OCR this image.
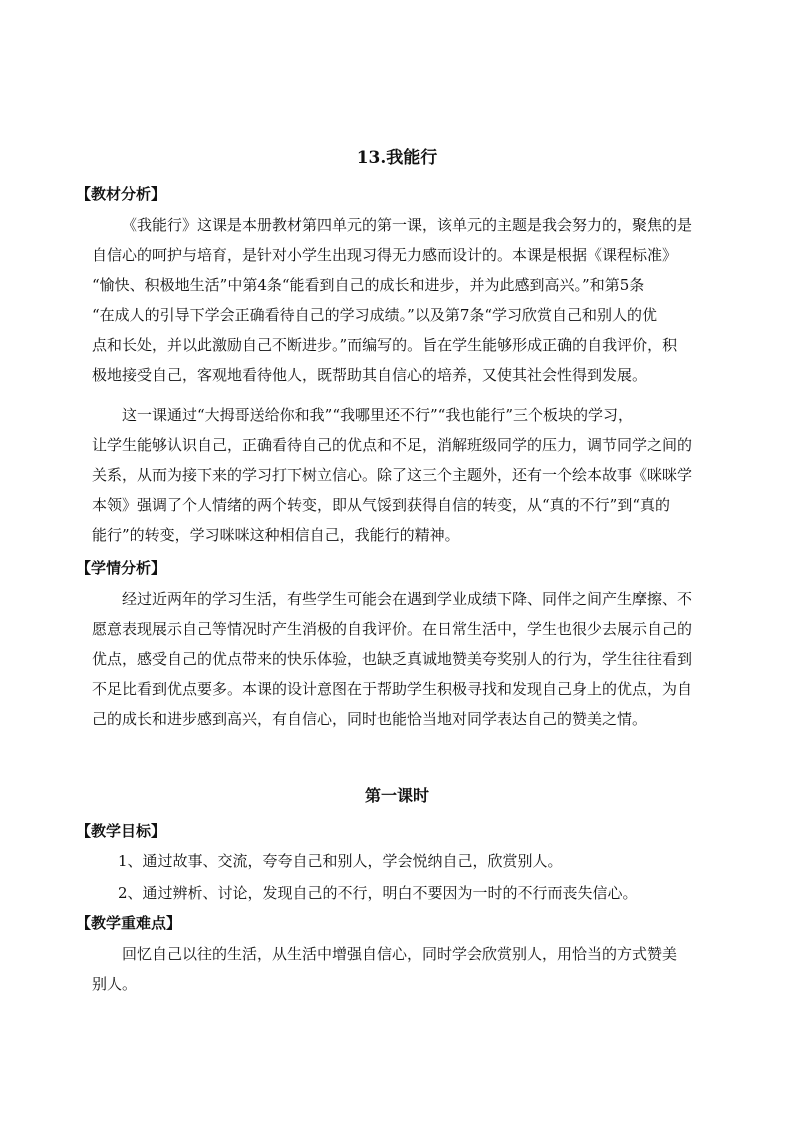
13.我能行
【教材分析】
《我能行》这课是本册教材第四单元的第一课，该单元的主题是我会努力的，聚焦的是
自信心的呵护与培育，是针对小学生出现习得无力感而设计的。本课是根据《课程标准》
“愉快、积极地生活”中第4条“能看到自己的成长和进步，并为此感到高兴。”和第5条
“在成人的引导下学会正确看待自己的学习成绩。”以及第7条“学习欣赏自己和别人的优
点和长处，并以此激励自己不断进步。”而编写的。旨在学生能够形成正确的自我评价，积
极地接受自己，客观地看待他人，既帮助其自信心的培养，又使其社会性得到发展。
这一课通过“大拇哥送给你和我”“我哪里还不行”“我也能行”三个板块的学习，
让学生能够认识自己，正确看待自己的优点和不足，消解班级同学的压力，调节同学之间的
关系，从而为接下来的学习打下树立信心。除了这三个主题外，还有一个绘本故事《咪咪学
本领》强调了个人情绪的两个转变，即从气馁到获得自信的转变，从“真的不行”到“真的
能行”的转变，学习咪咪这种相信自己，我能行的精神。
【学情分析】
经过近两年的学习生活，有些学生可能会在遇到学业成绩下降、同伴之间产生摩擦、不
愿意表现展示自己等情况时产生消极的自我评价。在日常生活中，学生也很少去展示自己的
优点，感受自己的优点带来的快乐体验，也缺乏真诚地赞美夸奖别人的行为，学生往往看到
不足比看到优点要多。本课的设计意图在于帮助学生积极寻找和发现自己身上的优点，为自
己的成长和进步感到高兴，有自信心，同时也能恰当地对同学表达自己的赞美之情。
第一课时
【教学目标】
1、通过故事、交流，夸夸自己和别人，学会悦纳自己，欣赏别人。
2、通过辨析、讨论，发现自己的不行，明白不要因为一时的不行而丧失信心。
【教学重难点】
回忆自己以往的生活，从生活中增强自信心，同时学会欣赏别人，用恰当的方式赞美
别人。
